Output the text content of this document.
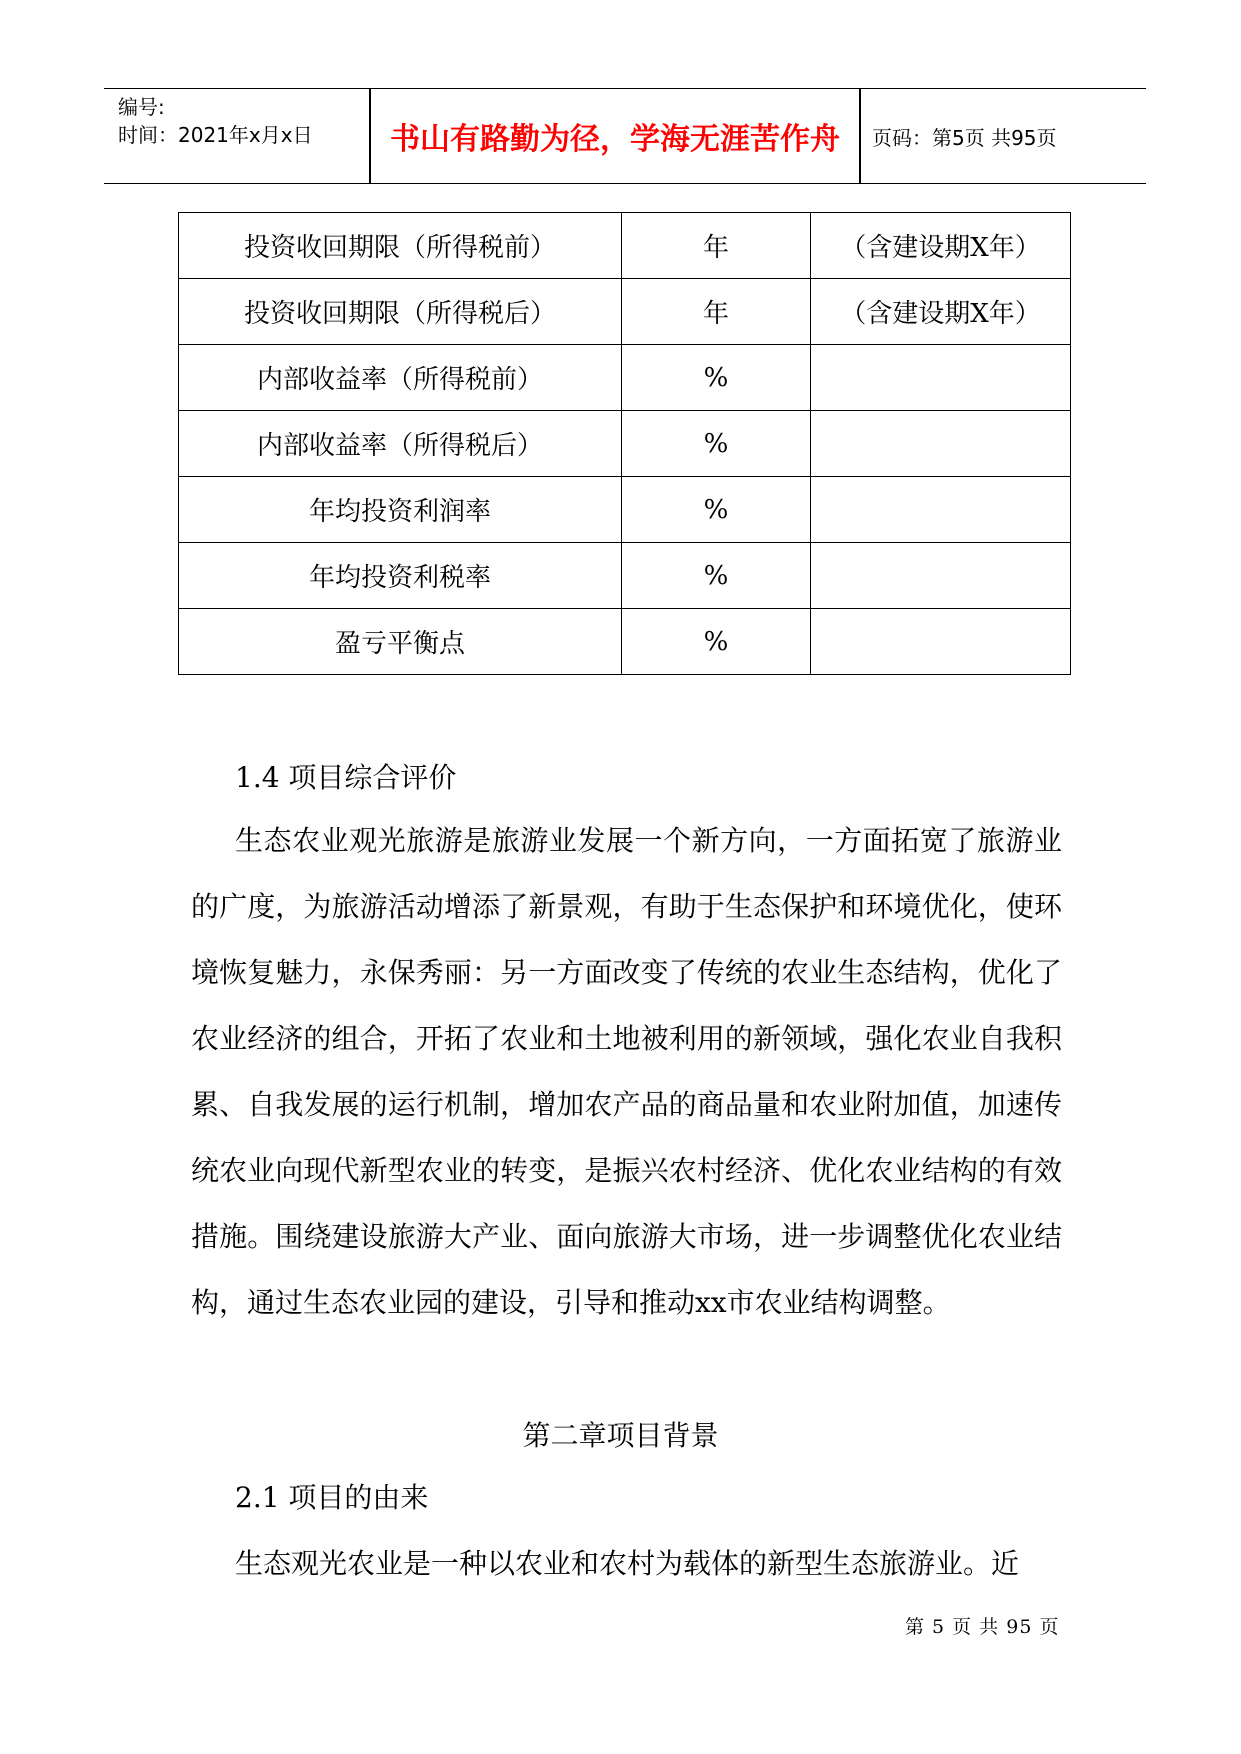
编号:
时间：2021年x月x日	书山有路勤为径，学海无涯苦作舟	页码：第5页 共95页
投资收回期限（所得税前）	年	（含建设期X年）
投资收回期限（所得税后）	年	（含建设期X年）
内部收益率（所得税前）	%	
内部收益率（所得税后）	%	
年均投资利润率	%	
年均投资利税率	%	
盈亏平衡点	%	
1.4 项目综合评价
生态农业观光旅游是旅游业发展一个新方向，一方面拓宽了旅游业的广度，为旅游活动增添了新景观，有助于生态保护和环境优化，使环境恢复魅力，永保秀丽：另一方面改变了传统的农业生态结构，优化了农业经济的组合，开拓了农业和土地被利用的新领域，强化农业自我积累、自我发展的运行机制，增加农产品的商品量和农业附加值，加速传统农业向现代新型农业的转变，是振兴农村经济、优化农业结构的有效措施。围绕建设旅游大产业、面向旅游大市场，进一步调整优化农业结构，通过生态农业园的建设，引导和推动xx市农业结构调整。
第二章项目背景
2.1 项目的由来
生态观光农业是一种以农业和农村为载体的新型生态旅游业。近
第 5 页 共 95 页
